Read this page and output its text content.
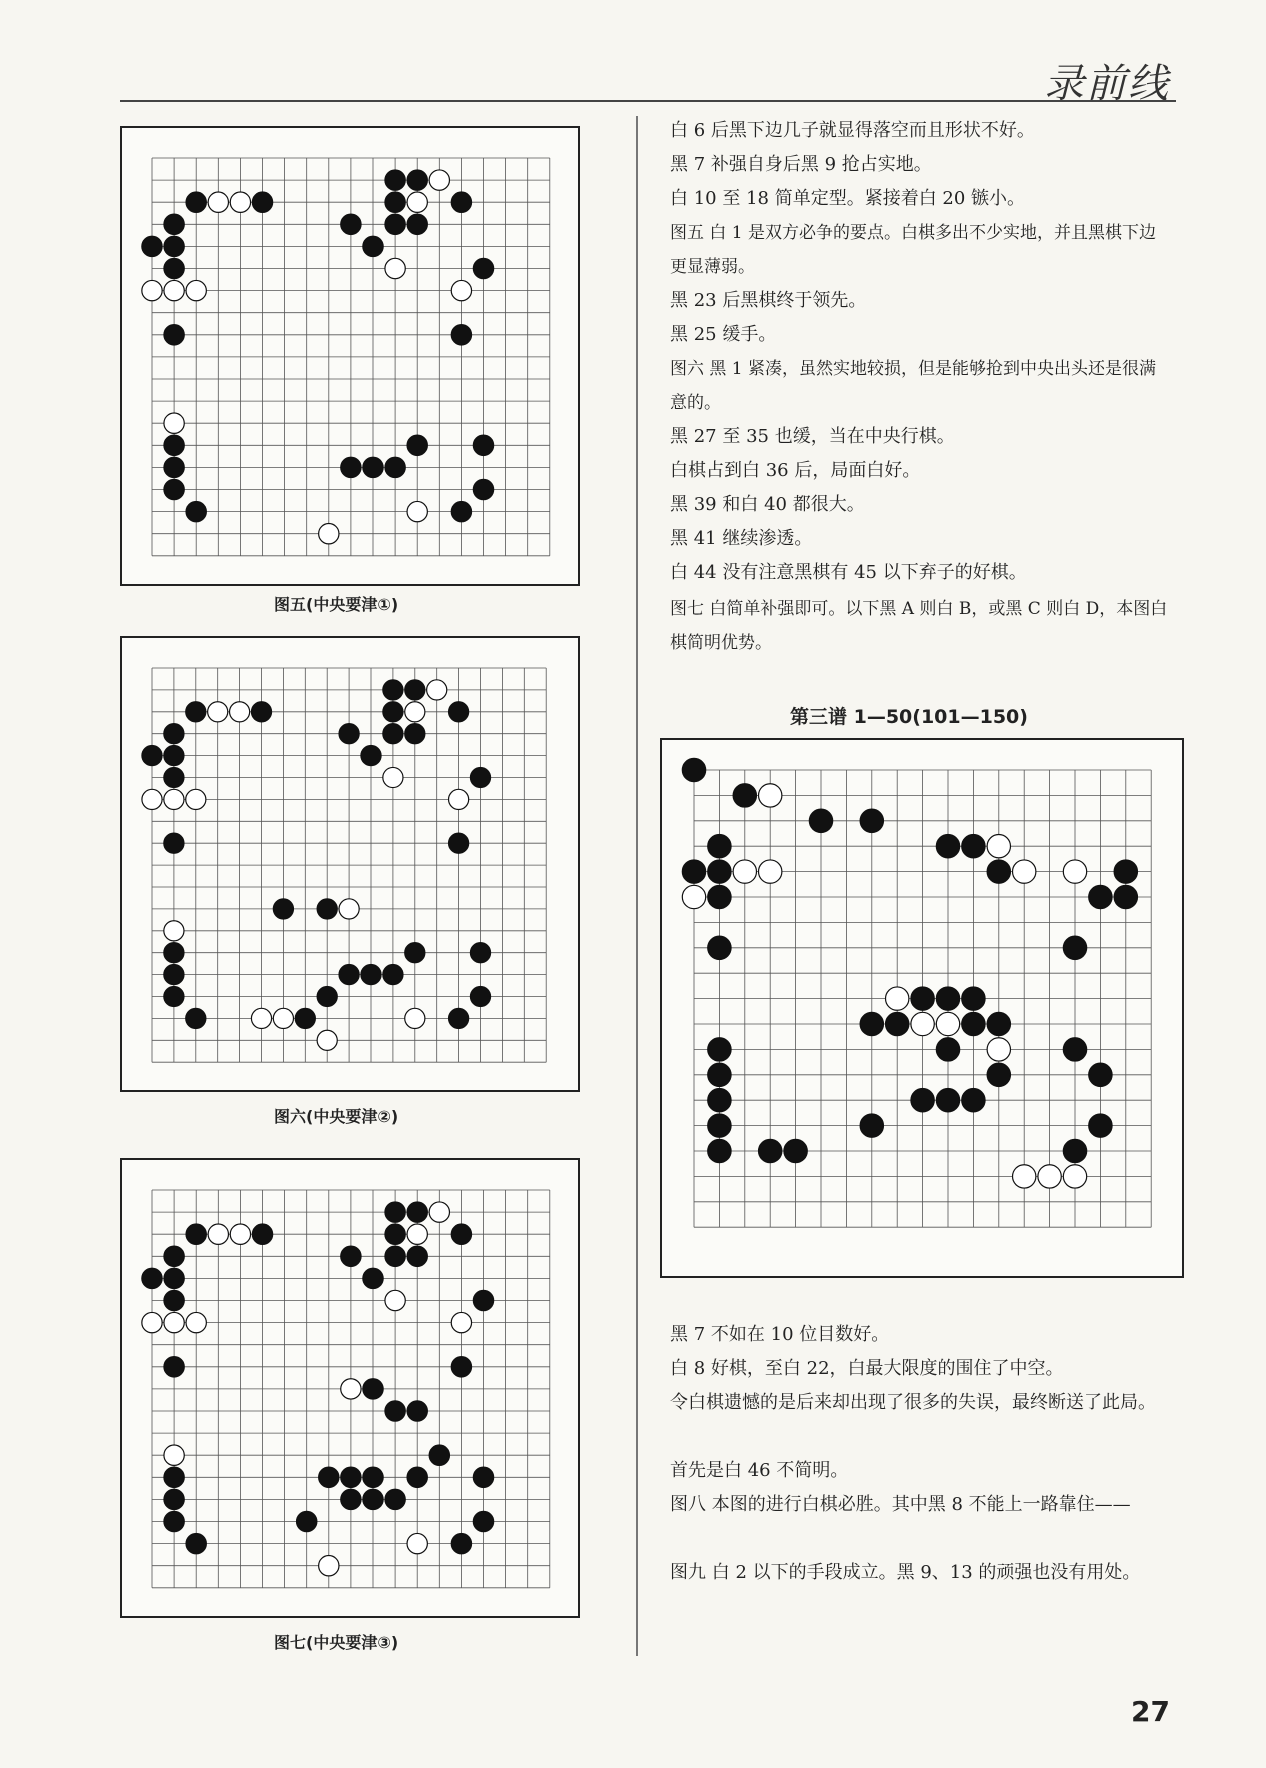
录前线
图五(中央要津①)
图六(中央要津②)
图七(中央要津③)

白 6 后黑下边几子就显得落空而且形状不好。

黑 7 补强自身后黑 9 抢占实地。

白 10 至 18 简单定型。紧接着白 20 镞小。

图五 白 1 是双方必争的要点。白棋多出不少实地，并且黑棋下边更显薄弱。

黑 23 后黑棋终于领先。

黑 25 缓手。

图六 黑 1 紧凑，虽然实地较损，但是能够抢到中央出头还是很满意的。

黑 27 至 35 也缓，当在中央行棋。

白棋占到白 36 后，局面白好。

黑 39 和白 40 都很大。

黑 41 继续渗透。

白 44 没有注意黑棋有 45 以下弃子的好棋。

图七 白简单补强即可。以下黑 A 则白 B，或黑 C 则白 D，本图白棋简明优势。

第三谱 1—50(101—150)

黑 7 不如在 10 位目数好。

白 8 好棋，至白 22，白最大限度的围住了中空。

令白棋遗憾的是后来却出现了很多的失误，最终断送了此局。

首先是白 46 不简明。

图八 本图的进行白棋必胜。其中黑 8 不能上一路靠住——

图九 白 2 以下的手段成立。黑 9、13 的顽强也没有用处。

27
